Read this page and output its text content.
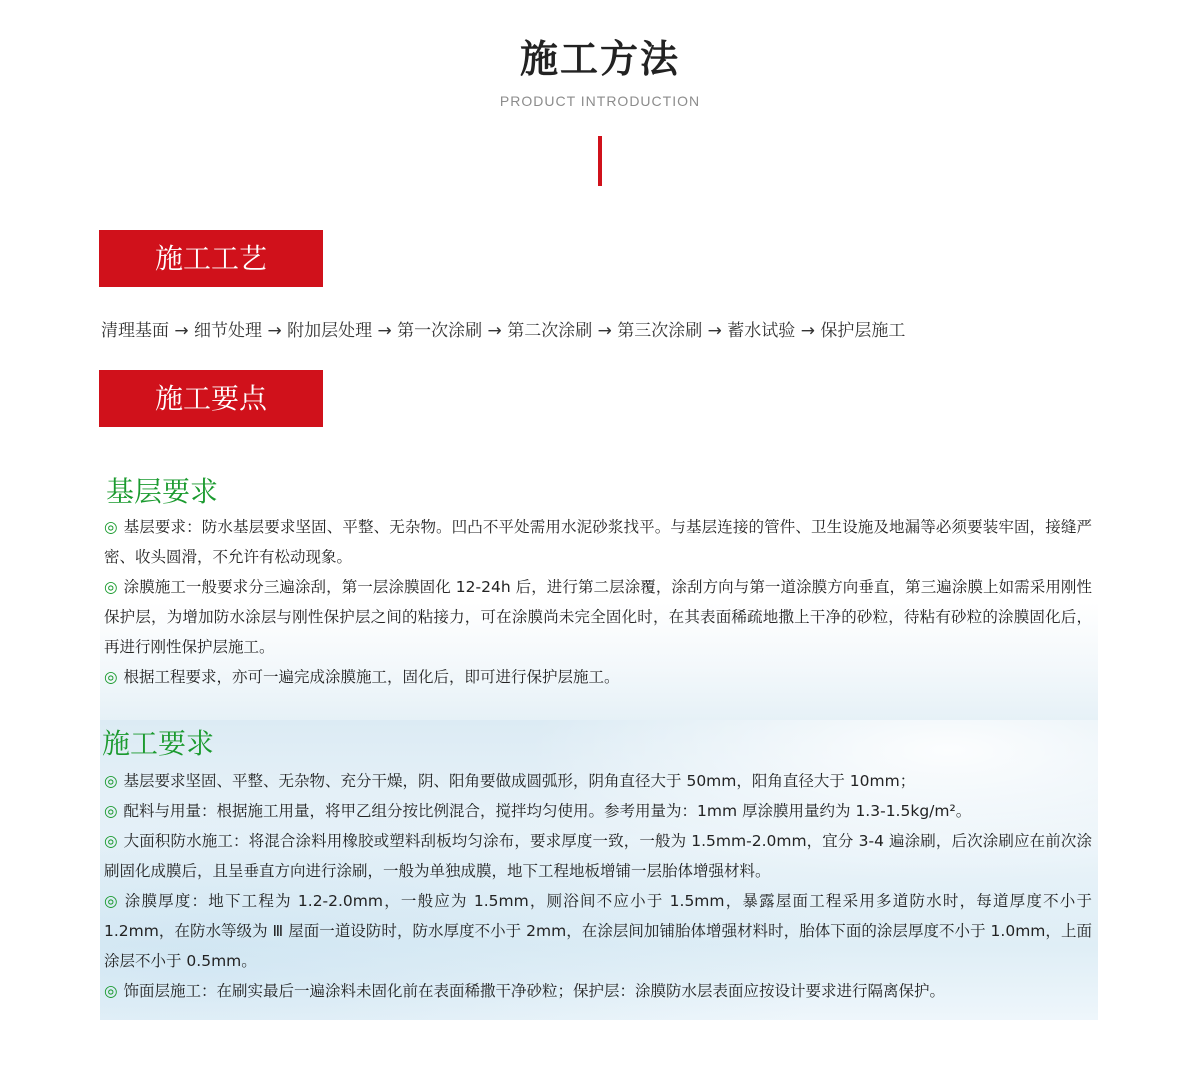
施工方法
PRODUCT INTRODUCTION
施工工艺
清理基面 → 细节处理 → 附加层处理 → 第一次涂刷 → 第二次涂刷 → 第三次涂刷 → 蓄水试验 → 保护层施工
施工要点
基层要求

◎ 基层要求：防水基层要求坚固、平整、无杂物。凹凸不平处需用水泥砂浆找平。与基层连接的管件、卫生设施及地漏等必须要装牢固，接缝严密、收头圆滑，不允许有松动现象。

◎ 涂膜施工一般要求分三遍涂刮，第一层涂膜固化 12-24h 后，进行第二层涂覆，涂刮方向与第一道涂膜方向垂直，第三遍涂膜上如需采用刚性保护层，为增加防水涂层与刚性保护层之间的粘接力，可在涂膜尚未完全固化时，在其表面稀疏地撒上干净的砂粒，待粘有砂粒的涂膜固化后，再进行刚性保护层施工。

◎ 根据工程要求，亦可一遍完成涂膜施工，固化后，即可进行保护层施工。

施工要求

◎ 基层要求坚固、平整、无杂物、充分干燥，阴、阳角要做成圆弧形，阴角直径大于 50mm，阳角直径大于 10mm；

◎ 配料与用量：根据施工用量，将甲乙组分按比例混合，搅拌均匀使用。参考用量为：1mm 厚涂膜用量约为 1.3-1.5kg/m²。

◎ 大面积防水施工：将混合涂料用橡胶或塑料刮板均匀涂布，要求厚度一致，一般为 1.5mm-2.0mm，宜分 3-4 遍涂刷，后次涂刷应在前次涂刷固化成膜后，且呈垂直方向进行涂刷，一般为单独成膜，地下工程地板增铺一层胎体增强材料。

◎ 涂膜厚度：地下工程为 1.2-2.0mm，一般应为 1.5mm，厕浴间不应小于 1.5mm，暴露屋面工程采用多道防水时，每道厚度不小于 1.2mm，在防水等级为 Ⅲ 屋面一道设防时，防水厚度不小于 2mm，在涂层间加铺胎体增强材料时，胎体下面的涂层厚度不小于 1.0mm，上面涂层不小于 0.5mm。

◎ 饰面层施工：在刷实最后一遍涂料未固化前在表面稀撒干净砂粒；保护层：涂膜防水层表面应按设计要求进行隔离保护。
